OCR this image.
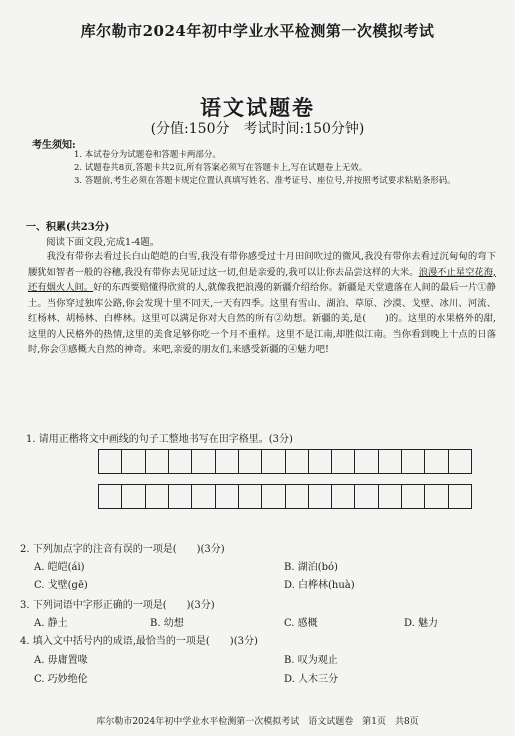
库尔勒市2024年初中学业水平检测第一次模拟考试
语文试题卷
(分值:150分　考试时间:150分钟)
考生须知:
1. 本试卷分为试题卷和答题卡两部分。
2. 试题卷共8页,答题卡共2页,所有答案必须写在答题卡上,写在试题卷上无效。
3. 答题前,考生必须在答题卡规定位置认真填写姓名、准考证号、座位号,并按照考试要求粘贴条形码。
一、积累(共23分)
阅读下面文段,完成1-4题。

我没有带你去看过长白山皑皑的白雪,我没有带你感受过十月田间吹过的微风,我没有带你去看过沉甸甸的弯下腰犹如智者一般的谷穗,我没有带你去见证过这一切,但是亲爱的,我可以让你去品尝这样的大米。浪漫不止星空花海,还有烟火人间。好的东西要赔懂得欣赏的人,就像我把浪漫的新疆介绍给你。新疆是天堂遗落在人间的最后一片①静土。当你穿过独库公路,你会发现十里不同天,一天有四季。这里有雪山、湖泊、草原、沙漠、戈壁、冰川、河流、红杨林、胡杨林、白桦林。这里可以满足你对大自然的所有②幼想。新疆的美,是(　　)的。这里的水果格外的甜,这里的人民格外的热情,这里的美食足够你吃一个月不重样。这里不是江南,却胜似江南。当你看到晚上十点的日落时,你会③感概大自然的神奇。来吧,亲爱的朋友们,来感受新疆的④魅力吧!

1. 请用正楷将文中画线的句子工整地书写在田字格里。(3分)

2. 下列加点字的注音有误的一项是(　　)(3分)
A. 皑皑(ái)	B. 湖泊(bó)
C. 戈壁(gē)	D. 白桦林(huà)
3. 下列词语中字形正确的一项是(　　)(3分)
A. 静土	B. 幼想	C. 感概	D. 魅力
4. 填入文中括号内的成语,最恰当的一项是(　　)(3分)
A. 毋庸置喙	B. 叹为观止
C. 巧妙绝伦	D. 人木三分
库尔勒市2024年初中学业水平检测第一次模拟考试　语文试题卷　第1页　共8页
